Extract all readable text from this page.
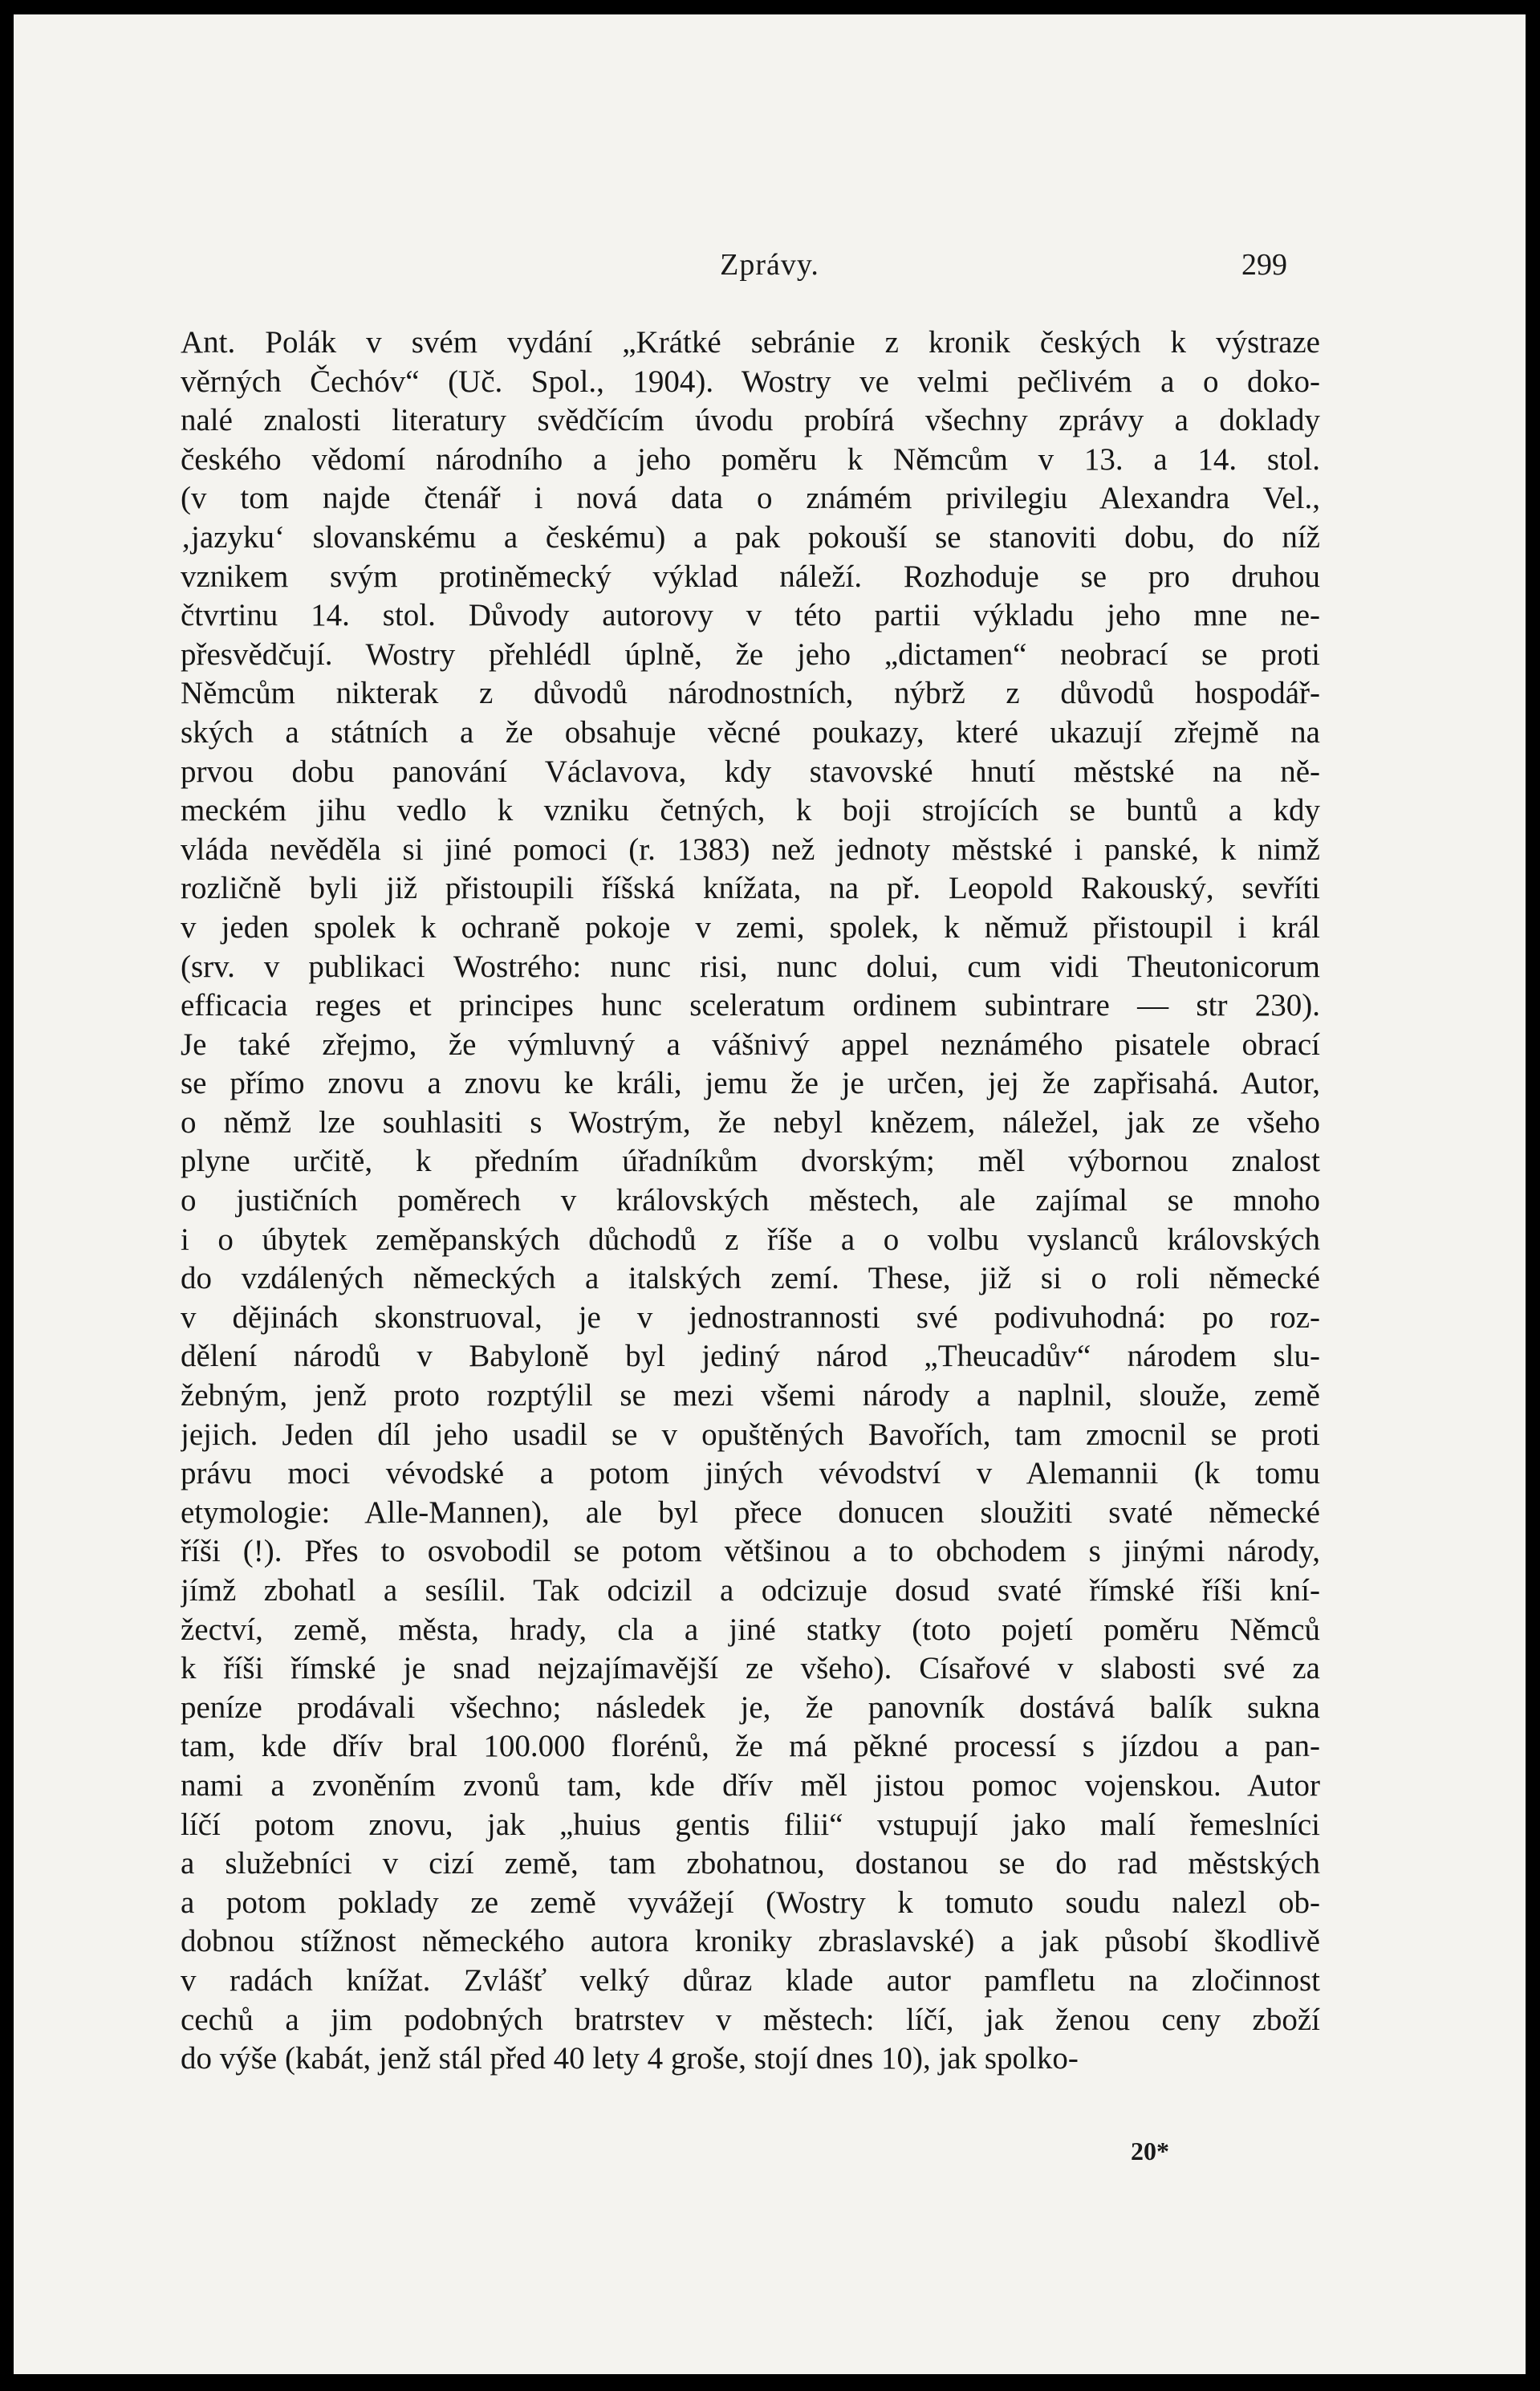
Zprávy.	299
Ant. Polák v svém vydání „Krátké sebránie z kronik českých k výstraze
věrných Čechóv“ (Uč. Spol., 1904). Wostry ve velmi pečlivém a o doko-
nalé znalosti literatury svědčícím úvodu probírá všechny zprávy a doklady
českého vědomí národního a jeho poměru k Němcům v 13. a 14. stol.
(v tom najde čtenář i nová data o známém privilegiu Alexandra Vel.,
‚jazyku‘ slovanskému a českému) a pak pokouší se stanoviti dobu, do níž
vznikem svým protiněmecký výklad náleží. Rozhoduje se pro druhou
čtvrtinu 14. stol. Důvody autorovy v této partii výkladu jeho mne ne-
přesvědčují. Wostry přehlédl úplně, že jeho „dictamen“ neobrací se proti
Němcům nikterak z důvodů národnostních, nýbrž z důvodů hospodář-
ských a státních a že obsahuje věcné poukazy, které ukazují zřejmě na
prvou dobu panování Václavova, kdy stavovské hnutí městské na ně-
meckém jihu vedlo k vzniku četných, k boji strojících se buntů a kdy
vláda nevěděla si jiné pomoci (r. 1383) než jednoty městské i panské, k nimž
rozličně byli již přistoupili říšská knížata, na př. Leopold Rakouský, sevříti
v jeden spolek k ochraně pokoje v zemi, spolek, k němuž přistoupil i král
(srv. v publikaci Wostrého: nunc risi, nunc dolui, cum vidi Theutonicorum
efficacia reges et principes hunc sceleratum ordinem subintrare — str 230).
Je také zřejmo, že výmluvný a vášnivý appel neznámého pisatele obrací
se přímo znovu a znovu ke králi, jemu že je určen, jej že zapřisahá. Autor,
o němž lze souhlasiti s Wostrým, že nebyl knězem, náležel, jak ze všeho
plyne určitě, k předním úřadníkům dvorským; měl výbornou znalost
o justičních poměrech v královských městech, ale zajímal se mnoho
i o úbytek zeměpanských důchodů z říše a o volbu vyslanců královských
do vzdálených německých a italských zemí. These, již si o roli německé
v dějinách skonstruoval, je v jednostrannosti své podivuhodná: po roz-
dělení národů v Babyloně byl jediný národ „Theucadův“ národem slu-
žebným, jenž proto rozptýlil se mezi všemi národy a naplnil, slouže, země
jejich. Jeden díl jeho usadil se v opuštěných Bavořích, tam zmocnil se proti
právu moci vévodské a potom jiných vévodství v Alemannii (k tomu
etymologie: Alle-Mannen), ale byl přece donucen sloužiti svaté německé
říši (!). Přes to osvobodil se potom většinou a to obchodem s jinými národy,
jímž zbohatl a sesílil. Tak odcizil a odcizuje dosud svaté římské říši kní-
žectví, země, města, hrady, cla a jiné statky (toto pojetí poměru Němců
k říši římské je snad nejzajímavější ze všeho). Císařové v slabosti své za
peníze prodávali všechno; následek je, že panovník dostává balík sukna
tam, kde dřív bral 100.000 florénů, že má pěkné processí s jízdou a pan-
nami a zvoněním zvonů tam, kde dřív měl jistou pomoc vojenskou. Autor
líčí potom znovu, jak „huius gentis filii“ vstupují jako malí řemeslníci
a služebníci v cizí země, tam zbohatnou, dostanou se do rad městských
a potom poklady ze země vyvážejí (Wostry k tomuto soudu nalezl ob-
dobnou stížnost německého autora kroniky zbraslavské) a jak působí škodlivě
v radách knížat. Zvlášť velký důraz klade autor pamfletu na zločinnost
cechů a jim podobných bratrstev v městech: líčí, jak ženou ceny zboží
do výše (kabát, jenž stál před 40 lety 4 groše, stojí dnes 10), jak spolko-
20*
